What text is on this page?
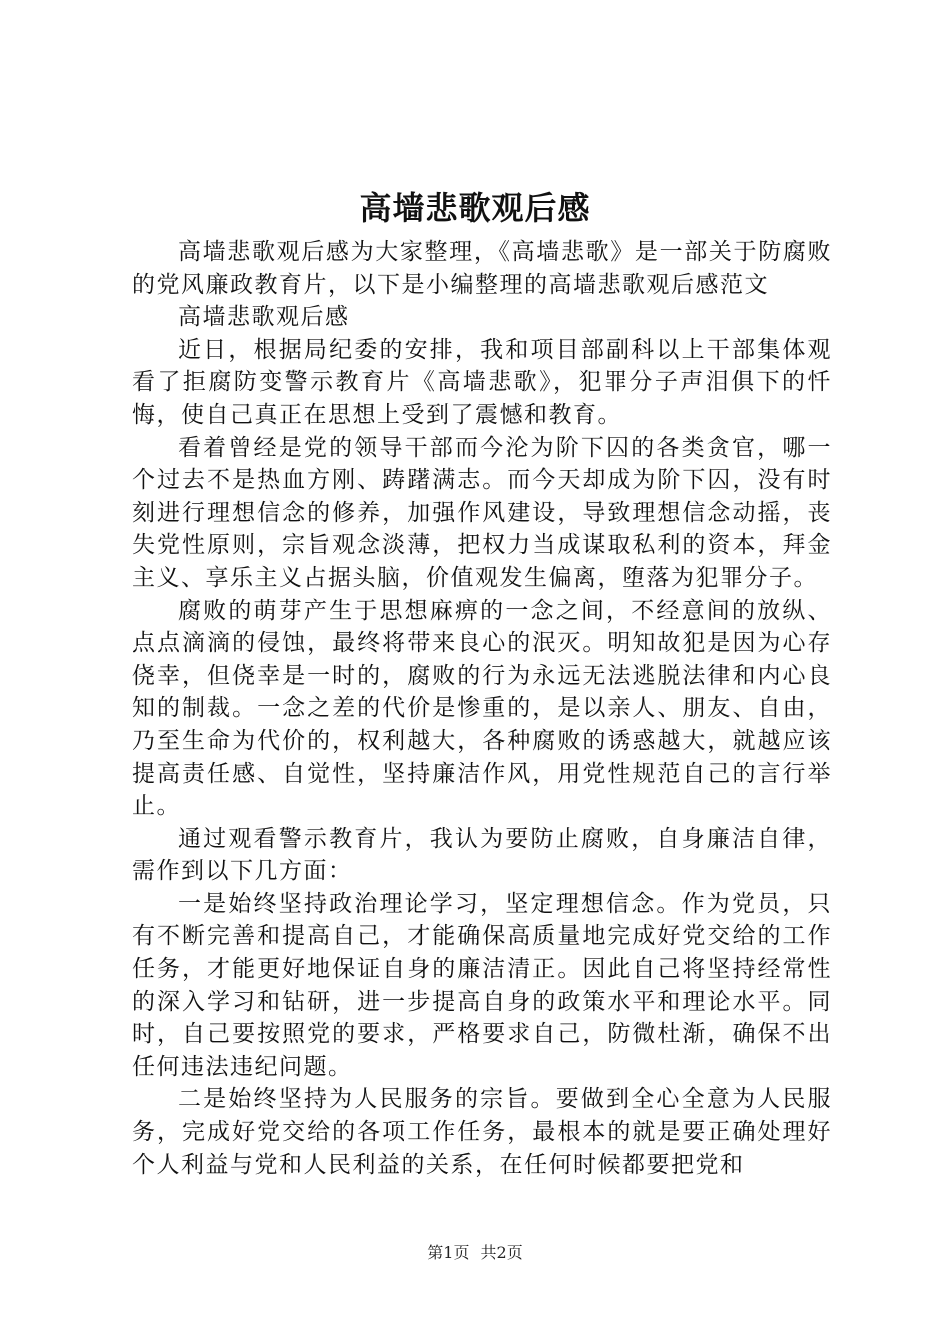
高墙悲歌观后感

高墙悲歌观后感为大家整理，《高墙悲歌》是一部关于防腐败的党风廉政教育片，以下是小编整理的高墙悲歌观后感范文

高墙悲歌观后感

近日，根据局纪委的安排，我和项目部副科以上干部集体观看了拒腐防变警示教育片《高墙悲歌》，犯罪分子声泪俱下的忏悔，使自己真正在思想上受到了震憾和教育。

看着曾经是党的领导干部而今沦为阶下囚的各类贪官，哪一个过去不是热血方刚、踌躇满志。而今天却成为阶下囚，没有时刻进行理想信念的修养，加强作风建设，导致理想信念动摇，丧失党性原则，宗旨观念淡薄，把权力当成谋取私利的资本，拜金主义、享乐主义占据头脑，价值观发生偏离，堕落为犯罪分子。

腐败的萌芽产生于思想麻痹的一念之间，不经意间的放纵、点点滴滴的侵蚀，最终将带来良心的泯灭。明知故犯是因为心存侥幸，但侥幸是一时的，腐败的行为永远无法逃脱法律和内心良知的制裁。一念之差的代价是惨重的，是以亲人、朋友、自由，乃至生命为代价的，权利越大，各种腐败的诱惑越大，就越应该提高责任感、自觉性，坚持廉洁作风，用党性规范自己的言行举止。

通过观看警示教育片，我认为要防止腐败，自身廉洁自律，需作到以下几方面：

一是始终坚持政治理论学习，坚定理想信念。作为党员，只有不断完善和提高自己，才能确保高质量地完成好党交给的工作任务，才能更好地保证自身的廉洁清正。因此自己将坚持经常性的深入学习和钻研，进一步提高自身的政策水平和理论水平。同时，自己要按照党的要求，严格要求自己，防微杜渐，确保不出任何违法违纪问题。

二是始终坚持为人民服务的宗旨。要做到全心全意为人民服务，完成好党交给的各项工作任务，最根本的就是要正确处理好个人利益与党和人民利益的关系，在任何时候都要把党和

第1页 共2页
